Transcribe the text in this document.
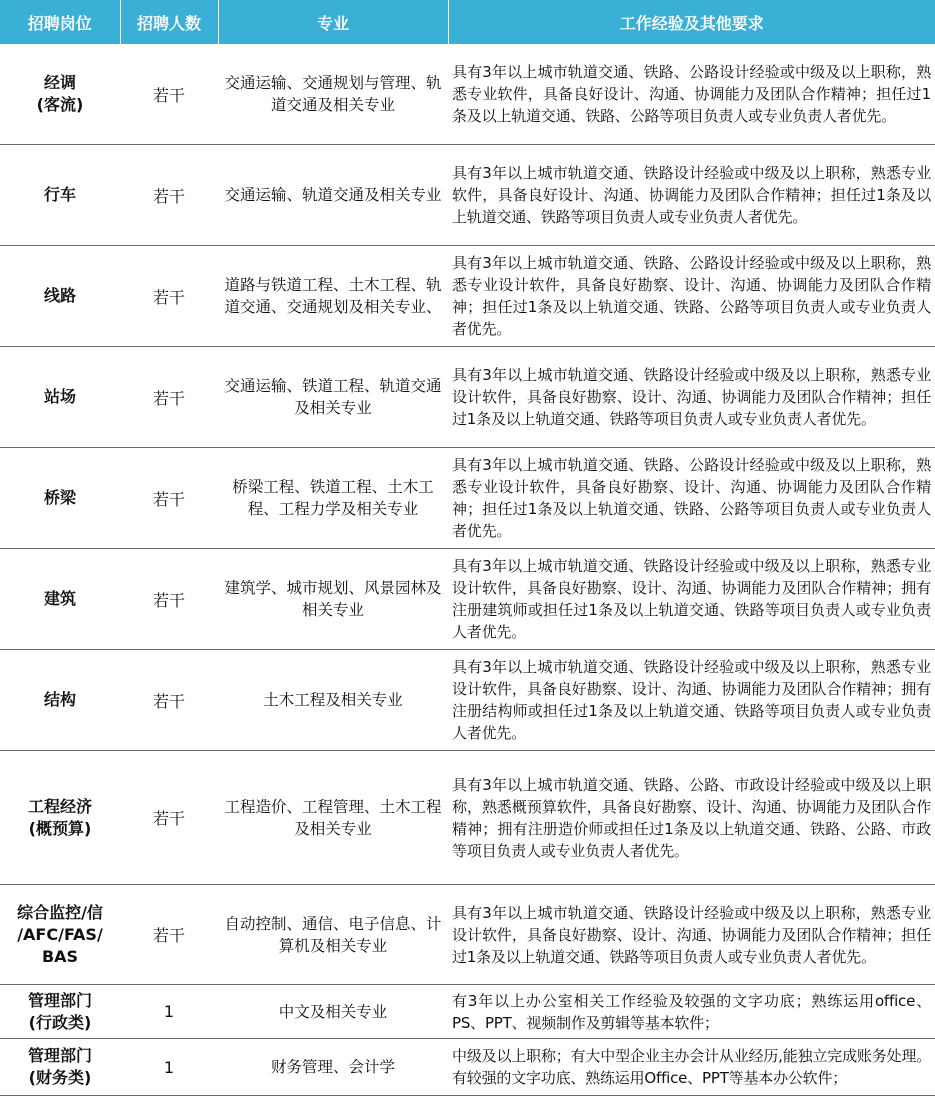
招聘岗位	招聘人数	专业	工作经验及其他要求
经调
(客流)	若干	交通运输、交通规划与管理、轨道交通及相关专业	具有3年以上城市轨道交通、铁路、公路设计经验或中级及以上职称，熟悉专业软件，具备良好设计、沟通、协调能力及团队合作精神；担任过1条及以上轨道交通、铁路、公路等项目负责人或专业负责人者优先。
行车	若干	交通运输、轨道交通及相关专业	具有3年以上城市轨道交通、铁路设计经验或中级及以上职称，熟悉专业软件，具备良好设计、沟通、协调能力及团队合作精神；担任过1条及以上轨道交通、铁路等项目负责人或专业负责人者优先。
线路	若干	道路与铁道工程、土木工程、轨道交通、交通规划及相关专业、	具有3年以上城市轨道交通、铁路、公路设计经验或中级及以上职称，熟悉专业设计软件，具备良好勘察、设计、沟通、协调能力及团队合作精神；担任过1条及以上轨道交通、铁路、公路等项目负责人或专业负责人者优先。
站场	若干	交通运输、铁道工程、轨道交通及相关专业	具有3年以上城市轨道交通、铁路设计经验或中级及以上职称，熟悉专业设计软件，具备良好勘察、设计、沟通、协调能力及团队合作精神；担任过1条及以上轨道交通、铁路等项目负责人或专业负责人者优先。
桥梁	若干	桥梁工程、铁道工程、土木工程、工程力学及相关专业	具有3年以上城市轨道交通、铁路、公路设计经验或中级及以上职称，熟悉专业设计软件，具备良好勘察、设计、沟通、协调能力及团队合作精神；担任过1条及以上轨道交通、铁路、公路等项目负责人或专业负责人者优先。
建筑	若干	建筑学、城市规划、风景园林及相关专业	具有3年以上城市轨道交通、铁路设计经验或中级及以上职称，熟悉专业设计软件，具备良好勘察、设计、沟通、协调能力及团队合作精神；拥有注册建筑师或担任过1条及以上轨道交通、铁路等项目负责人或专业负责人者优先。
结构	若干	土木工程及相关专业	具有3年以上城市轨道交通、铁路设计经验或中级及以上职称，熟悉专业设计软件，具备良好勘察、设计、沟通、协调能力及团队合作精神；拥有注册结构师或担任过1条及以上轨道交通、铁路等项目负责人或专业负责人者优先。
工程经济
(概预算)	若干	工程造价、工程管理、土木工程及相关专业	具有3年以上城市轨道交通、铁路、公路、市政设计经验或中级及以上职称，熟悉概预算软件，具备良好勘察、设计、沟通、协调能力及团队合作精神；拥有注册造价师或担任过1条及以上轨道交通、铁路、公路、市政等项目负责人或专业负责人者优先。
综合监控/信
/AFC/FAS/
BAS	若干	自动控制、通信、电子信息、计算机及相关专业	具有3年以上城市轨道交通、铁路设计经验或中级及以上职称，熟悉专业设计软件，具备良好勘察、设计、沟通、协调能力及团队合作精神；担任过1条及以上轨道交通、铁路等项目负责人或专业负责人者优先。
管理部门
(行政类)	1	中文及相关专业	有3年以上办公室相关工作经验及较强的文字功底；熟练运用office、PS、PPT、视频制作及剪辑等基本软件；
管理部门
(财务类)	1	财务管理、会计学	中级及以上职称；有大中型企业主办会计从业经历,能独立完成账务处理。有较强的文字功底、熟练运用Office、PPT等基本办公软件；
